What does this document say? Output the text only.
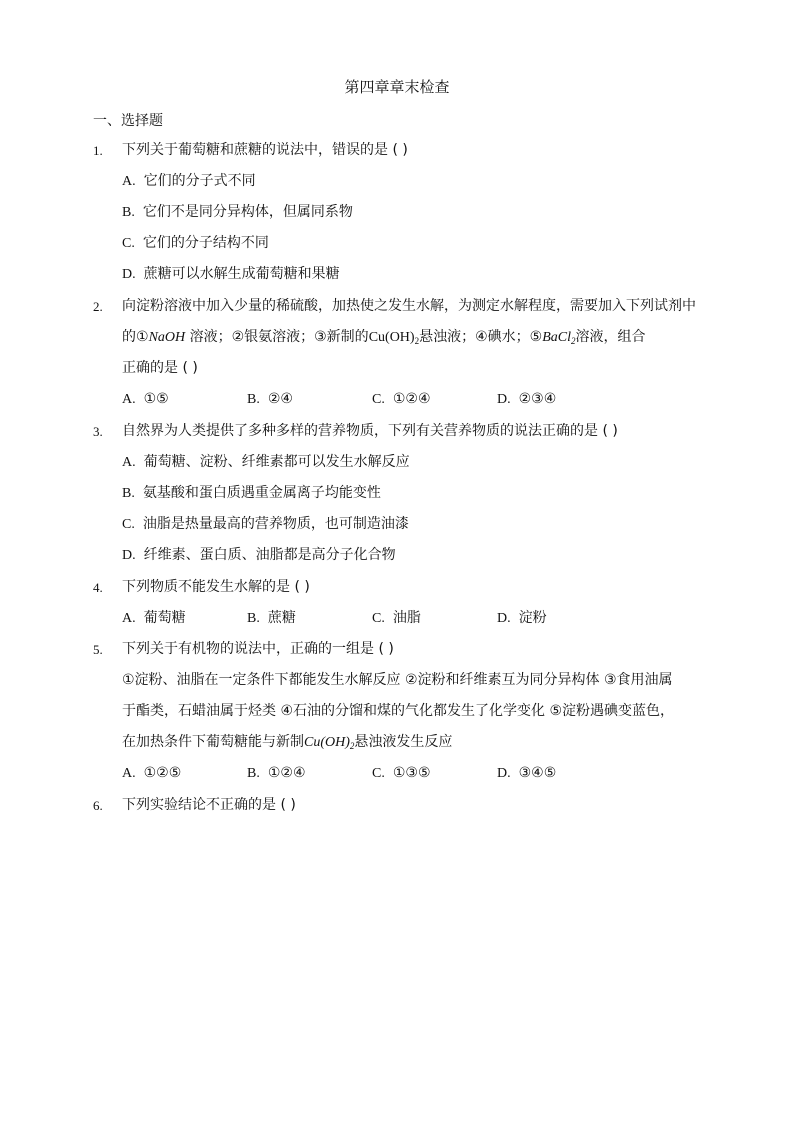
第四章章末检查
一、选择题
1. 下列关于葡萄糖和蔗糖的说法中，错误的是 ( )
A. 它们的分子式不同
B. 它们不是同分异构体，但属同系物
C. 它们的分子结构不同
D. 蔗糖可以水解生成葡萄糖和果糖
2. 向淀粉溶液中加入少量的稀硫酸，加热使之发生水解，为测定水解程度，需要加入下列试剂中
的①NaOH 溶液；②银氨溶液；③新制的$Cu(OH)_2$悬浊液；④碘水；⑤BaCl$_2$溶液，组合
正确的是 ( )
A. ①⑤	B. ②④	C. ①②④	D. ②③④
3. 自然界为人类提供了多种多样的营养物质，下列有关营养物质的说法正确的是 ( )
A. 葡萄糖、淀粉、纤维素都可以发生水解反应
B. 氨基酸和蛋白质遇重金属离子均能变性
C. 油脂是热量最高的营养物质，也可制造油漆
D. 纤维素、蛋白质、油脂都是高分子化合物
4. 下列物质不能发生水解的是 ( )
A. 葡萄糖	B. 蔗糖	C. 油脂	D. 淀粉
5. 下列关于有机物的说法中，正确的一组是 ( )
①淀粉、油脂在一定条件下都能发生水解反应 ②淀粉和纤维素互为同分异构体 ③食用油属
于酯类，石蜡油属于烃类 ④石油的分馏和煤的气化都发生了化学变化 ⑤淀粉遇碘变蓝色，
在加热条件下葡萄糖能与新制$Cu(OH)_2$悬浊液发生反应
A. ①②⑤	B. ①②④	C. ①③⑤	D. ③④⑤
6. 下列实验结论不正确的是 ( )
